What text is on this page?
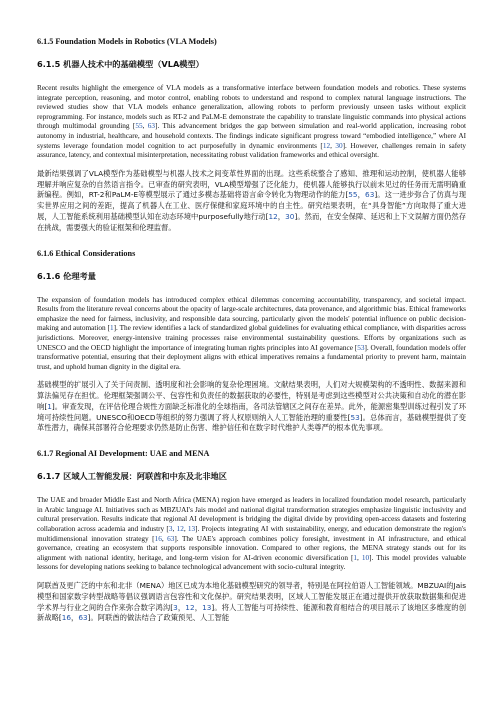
6.1.5 Foundation Models in Robotics (VLA Models)
6.1.5 机器人技术中的基础模型（VLA模型）

Recent results highlight the emergence of VLA models as a transformative interface between foundation models and robotics. These systems integrate perception, reasoning, and motor control, enabling robots to understand and respond to complex natural language instructions. The reviewed studies show that VLA models enhance generalization, allowing robots to perform previously unseen tasks without explicit reprogramming. For instance, models such as RT-2 and PaLM-E demonstrate the capability to translate linguistic commands into physical actions through multimodal grounding [55, 63]. This advancement bridges the gap between simulation and real-world application, increasing robot autonomy in industrial, healthcare, and household contexts. The findings indicate significant progress toward “embodied intelligence,” where AI systems leverage foundation model cognition to act purposefully in dynamic environments [12, 30]. However, challenges remain in safety assurance, latency, and contextual misinterpretation, necessitating robust validation frameworks and ethical oversight.

最新结果强调了VLA模型作为基础模型与机器人技术之间变革性界面的出现。这些系统整合了感知、推理和运动控制，使机器人能够理解并响应复杂的自然语言指令。已审查的研究表明，VLA模型增强了泛化能力，使机器人能够执行以前未见过的任务而无需明确重新编程。例如，RT-2和PaLM-E等模型展示了通过多模态基础将语言命令转化为物理动作的能力[55，63]。这一进步弥合了仿真与现实世界应用之间的差距，提高了机器人在工业、医疗保健和家庭环境中的自主性。研究结果表明，在“具身智能”方向取得了重大进展，人工智能系统利用基础模型认知在动态环境中purposefully地行动[12，30]。然而，在安全保障、延迟和上下文误解方面仍然存在挑战，需要强大的验证框架和伦理监督。

6.1.6 Ethical Considerations
6.1.6 伦理考量

The expansion of foundation models has introduced complex ethical dilemmas concerning accountability, transparency, and societal impact. Results from the literature reveal concerns about the opacity of large-scale architectures, data provenance, and algorithmic bias. Ethical frameworks emphasize the need for fairness, inclusivity, and responsible data sourcing, particularly given the models' potential influence on public decision-making and automation [1]. The review identifies a lack of standardized global guidelines for evaluating ethical compliance, with disparities across jurisdictions. Moreover, energy-intensive training processes raise environmental sustainability questions. Efforts by organizations such as UNESCO and the OECD highlight the importance of integrating human rights principles into AI governance [53]. Overall, foundation models offer transformative potential, ensuring that their deployment aligns with ethical imperatives remains a fundamental priority to prevent harm, maintain trust, and uphold human dignity in the digital era.

基础模型的扩展引入了关于问责制、透明度和社会影响的复杂伦理困境。文献结果表明，人们对大规模架构的不透明性、数据来源和算法偏见存在担忧。伦理框架强调公平、包容性和负责任的数据获取的必要性，特别是考虑到这些模型对公共决策和自动化的潜在影响[1]。审查发现，在评估伦理合规性方面缺乏标准化的全球指南，各司法管辖区之间存在差异。此外，能源密集型训练过程引发了环境可持续性问题。UNESCO和OECD等组织的努力强调了将人权原则纳入人工智能治理的重要性[53]。总体而言，基础模型提供了变革性潜力，确保其部署符合伦理要求仍然是防止伤害、维护信任和在数字时代维护人类尊严的根本优先事项。

6.1.7 Regional AI Development: UAE and MENA
6.1.7 区域人工智能发展：阿联酋和中东及北非地区

The UAE and broader Middle East and North Africa (MENA) region have emerged as leaders in localized foundation model research, particularly in Arabic language AI. Initiatives such as MBZUAI's Jais model and national digital transformation strategies emphasize linguistic inclusivity and cultural preservation. Results indicate that regional AI development is bridging the digital divide by providing open-access datasets and fostering collaboration across academia and industry [3, 12, 13]. Projects integrating AI with sustainability, energy, and education demonstrate the region's multidimensional innovation strategy [16, 63]. The UAE's approach combines policy foresight, investment in AI infrastructure, and ethical governance, creating an ecosystem that supports responsible innovation. Compared to other regions, the MENA strategy stands out for its alignment with national identity, heritage, and long-term vision for AI-driven economic diversification [1, 10]. This model provides valuable lessons for developing nations seeking to balance technological advancement with socio-cultural integrity.

阿联酋及更广泛的中东和北非（MENA）地区已成为本地化基础模型研究的领导者，特别是在阿拉伯语人工智能领域。MBZUAI的Jais模型和国家数字转型战略等倡议强调语言包容性和文化保护。研究结果表明，区域人工智能发展正在通过提供开放获取数据集和促进学术界与行业之间的合作来弥合数字鸿沟[3，12，13]。将人工智能与可持续性、能源和教育相结合的项目展示了该地区多维度的创新战略[16，63]。阿联酋的做法结合了政策预见、人工智能
